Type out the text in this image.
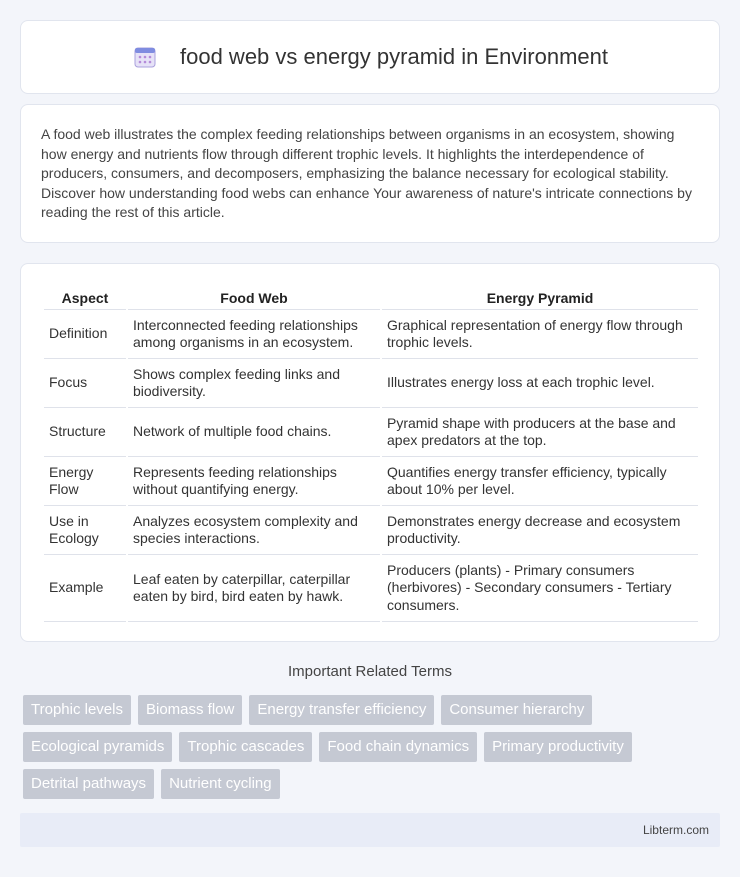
food web vs energy pyramid in Environment

A food web illustrates the complex feeding relationships between organisms in an ecosystem, showing how energy and nutrients flow through different trophic levels. It highlights the interdependence of producers, consumers, and decomposers, emphasizing the balance necessary for ecological stability. Discover how understanding food webs can enhance Your awareness of nature's intricate connections by reading the rest of this article.

Aspect	Food Web	Energy Pyramid
Definition	Interconnected feeding relationships among organisms in an ecosystem.	Graphical representation of energy flow through trophic levels.
Focus	Shows complex feeding links and biodiversity.	Illustrates energy loss at each trophic level.
Structure	Network of multiple food chains.	Pyramid shape with producers at the base and apex predators at the top.
Energy Flow	Represents feeding relationships without quantifying energy.	Quantifies energy transfer efficiency, typically about 10% per level.
Use in Ecology	Analyzes ecosystem complexity and species interactions.	Demonstrates energy decrease and ecosystem productivity.
Example	Leaf eaten by caterpillar, caterpillar eaten by bird, bird eaten by hawk.	Producers (plants) - Primary consumers (herbivores) - Secondary consumers - Tertiary consumers.
Important Related Terms
Trophic levels	Biomass flow	Energy transfer efficiency	Consumer hierarchy
Ecological pyramids	Trophic cascades	Food chain dynamics	Primary productivity
Detrital pathways	Nutrient cycling
Libterm.com
